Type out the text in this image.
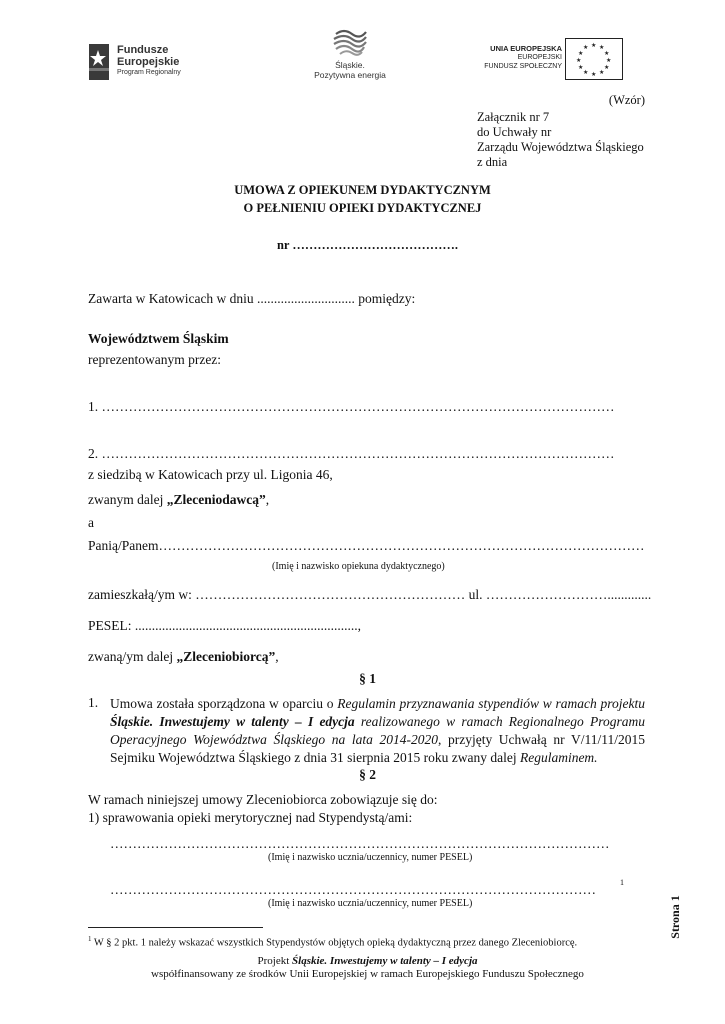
Fundusze
Europejskie
Program Regionalny
Śląskie.
Pozytywna energia
UNIA EUROPEJSKA
EUROPEJSKI
FUNDUSZ SPOŁECZNY
★ ★
★
★
★
★
★
★
★
★
★
★
(Wzór)
Załącznik nr 7
do Uchwały nr
Zarządu Województwa Śląskiego
z dnia
UMOWA Z OPIEKUNEM DYDAKTYCZNYM
O PEŁNIENIU OPIEKI DYDAKTYCZNEJ
nr ………………………………….
Zawarta w Katowicach w dniu ............................. pomiędzy:
Województwem Śląskim
reprezentowanym przez:
1. ……………………………………………………………………………………………………
2. ……………………………………………………………………………………………………
z siedzibą w Katowicach przy ul. Ligonia 46,
zwanym dalej „Zleceniodawcą”,
a
Panią/Panem………………………………………………………………………………………………
(Imię i nazwisko opiekuna dydaktycznego)
zamieszkałą/ym w: …………………………………………………… ul. ……………………….............
PESEL: ..................................................................,
zwaną/ym dalej „Zleceniobiorcą”,
§ 1
1. Umowa została sporządzona w oparciu o Regulamin przyznawania stypendiów w ramach projektu
Śląskie. Inwestujemy w talenty – I edycja realizowanego w ramach Regionalnego Programu
Operacyjnego Województwa Śląskiego na lata 2014-2020, przyjęty Uchwałą nr V/11/11/2015
Sejmiku Województwa Śląskiego z dnia 31 sierpnia 2015 roku zwany dalej Regulaminem.
§ 2
W ramach niniejszej umowy Zleceniobiorca zobowiązuje się do:
1) sprawowania opieki merytorycznej nad Stypendystą/ami:
…………………………………………………………………………………………………
(Imię i nazwisko ucznia/uczennicy, numer PESEL)
………………………………………………………………………………………………	1
(Imię i nazwisko ucznia/uczennicy, numer PESEL)
$^1$ W § 2 pkt. 1 należy wskazać wszystkich Stypendystów objętych opieką dydaktyczną przez danego Zleceniobiorcę.
Projekt Śląskie. Inwestujemy w talenty – I edycja
współfinansowany ze środków Unii Europejskiej w ramach Europejskiego Funduszu Społecznego
Strona 1
